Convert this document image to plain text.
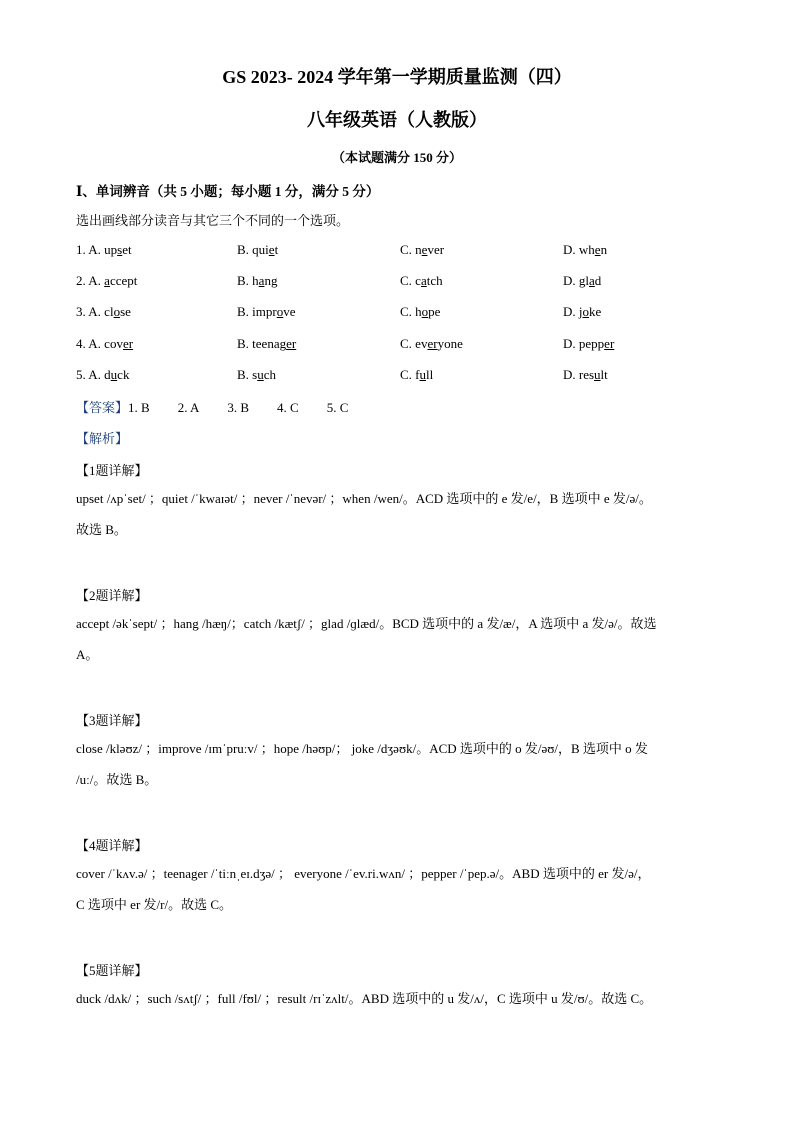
GS 2023- 2024 学年第一学期质量监测（四）
八年级英语（人教版）
（本试题满分 150 分）
Ⅰ、单词辨音（共 5 小题；每小题 1 分，满分 5 分）
选出画线部分读音与其它三个不同的一个选项。
1. A. upset	B. quiet	C. never	D. when
2. A. accept	B. hang	C. catch	D. glad
3. A. close	B. improve	C. hope	D. joke
4. A. cover	B. teenager	C. everyone	D. pepper
5. A. duck	B. such	C. full	D. result
【答案】1. B 2. A 3. B 4. C 5. C
【解析】
【1题详解】
upset /ʌpˈset/ ；quiet /ˈkwaɪət/ ；never /ˈnevər/ ；when /wen/。ACD 选项中的 e 发/e/，B 选项中 e 发/ə/。
故选 B。
【2题详解】
accept /əkˈsept/ ；hang /hæŋ/；catch /kætʃ/ ；glad /ɡlæd/。BCD 选项中的 a 发/æ/，A 选项中 a 发/ə/。故选
A。
【3题详解】
close /kləʊz/ ；improve /ɪmˈpruːv/ ；hope /həʊp/； joke /dʒəʊk/。ACD 选项中的 o 发/əʊ/，B 选项中 o 发
/uː/。故选 B。
【4题详解】
cover /ˈkʌv.ə/ ；teenager /ˈtiːnˌeɪ.dʒə/ ； everyone /ˈev.ri.wʌn/ ；pepper /ˈpep.ə/。ABD 选项中的 er 发/ə/，
C 选项中 er 发/r/。故选 C。
【5题详解】
duck /dʌk/ ；such /sʌtʃ/ ；full /fʊl/ ；result /rɪˈzʌlt/。ABD 选项中的 u 发/ʌ/，C 选项中 u 发/ʊ/。故选 C。
